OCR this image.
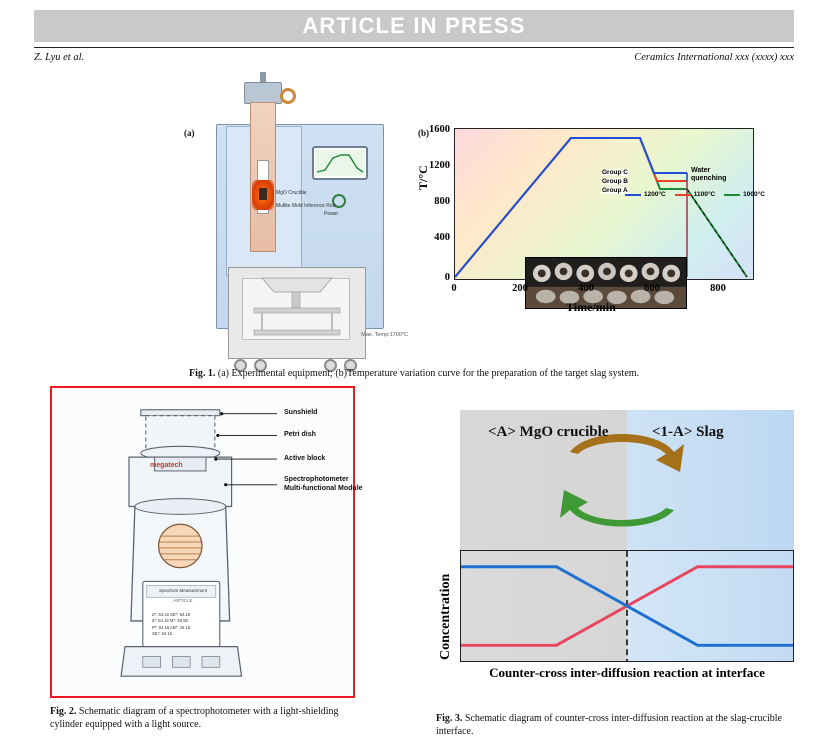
ARTICLE IN PRESS
Z. Lyu et al.	Ceramics International xxx (xxxx) xxx
(a)
Power
MgO Crucible
Mullite Mold Inference Rod
Max. Temp:1700°C
(b)
1200°C	1100°C	1000°C
Group C
Group B
Group A
Water
quenching
1600
1200
800
400
0
0	200	400	600	800
T/°C
Time/min
Fig. 1. (a) Experimental equipment; (b)Temperature variation curve for the preparation of the target slag system.
Sunshield
Petri dish
Active block
Spectrophotometer
Multi-functional Module
megatech
Spectrum Measurement
ARTICLE
Z*: 64.16 SE*: 64.16
d*: 64.16 M*: 63.55
P*: 64.16 AB*: 15.16
SE*: 64.16
Fig. 2. Schematic diagram of a spectrophotometer with a light-shielding cylinder equipped with a light source.
<A> MgO crucible	<1-A> Slag
Concentration
Counter-cross inter-diffusion reaction at interface
Fig. 3. Schematic diagram of counter-cross inter-diffusion reaction at the slag-crucible interface.
